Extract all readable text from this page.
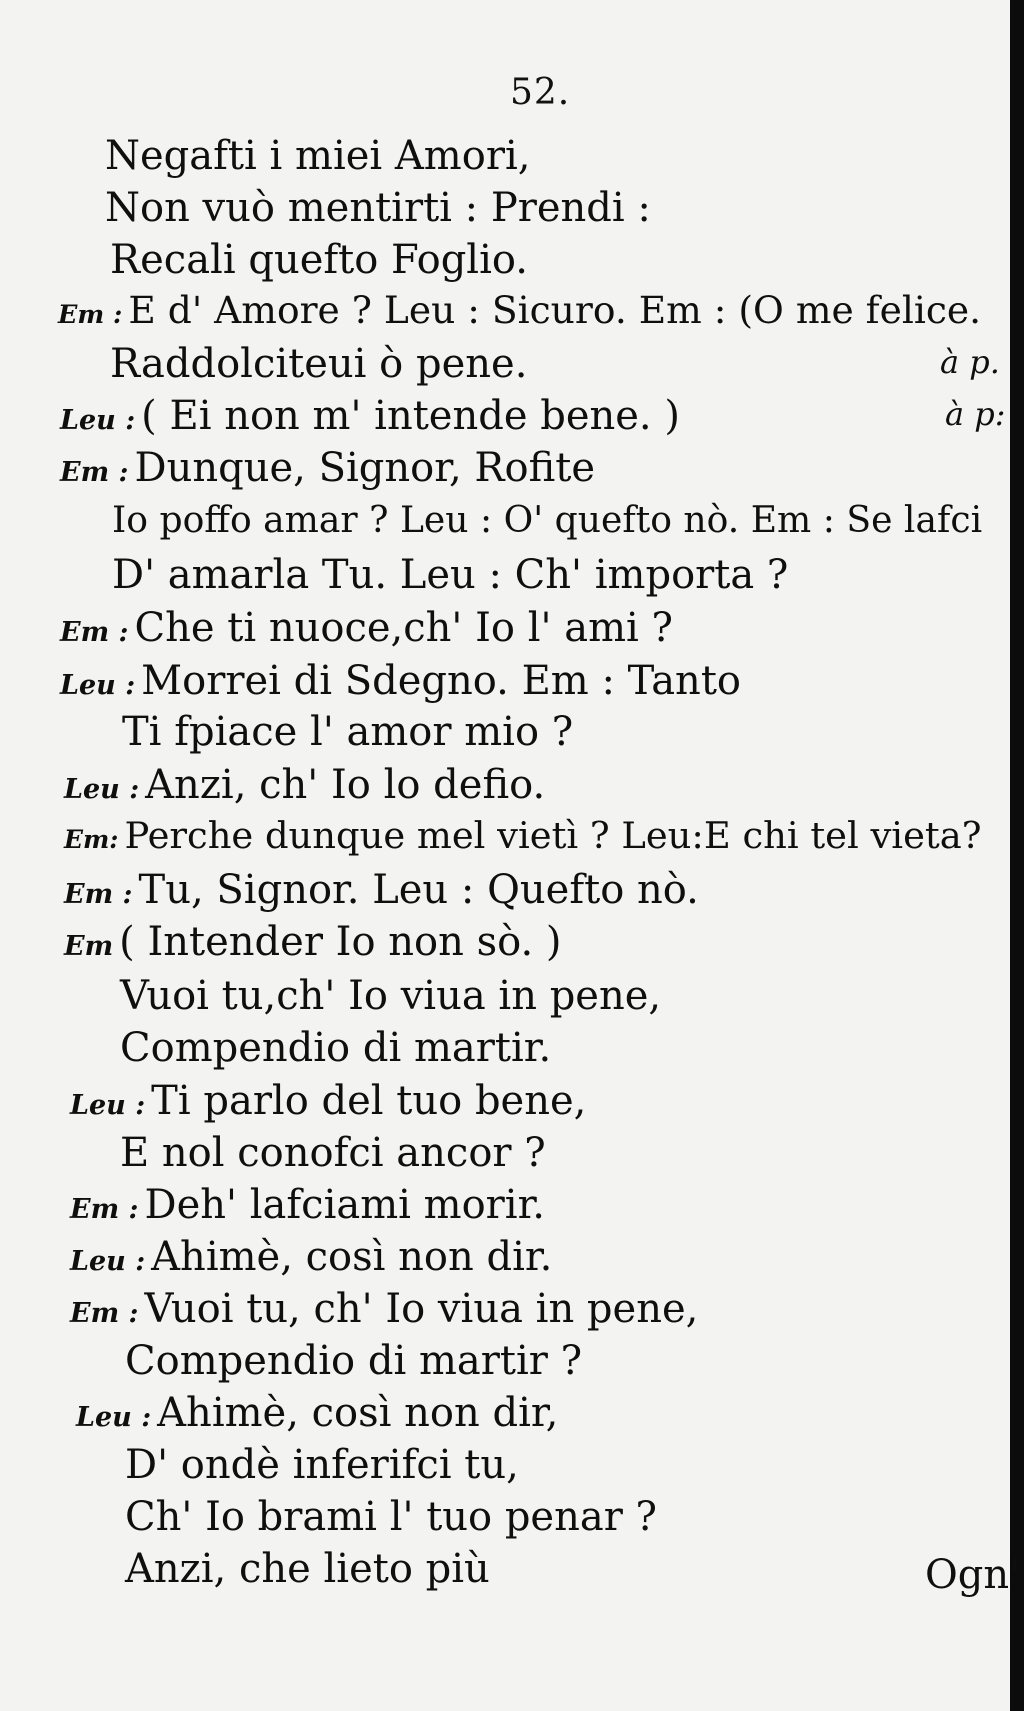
52.
Negafti i miei Amori,
Non vuò mentirti : Prendi :
Recali quefto Foglio.
Em : E d' Amore ? Leu : Sicuro. Em : (O me felice.
Raddolciteui ò pene.	à p.
Leu : ( Ei non m' intende bene. )	à p:
Em : Dunque, Signor, Rofite
Io poffo amar ? Leu : O' quefto nò. Em : Se lafci
D' amarla Tu. Leu : Ch' importa ?
Em : Che ti nuoce,ch' Io l' ami ?
Leu : Morrei di Sdegno. Em : Tanto
Ti fpiace l' amor mio ?
Leu : Anzi, ch' Io lo defio.
Em: Perche dunque mel vietì ? Leu:E chi tel vieta?
Em : Tu, Signor. Leu : Quefto nò.
Em ( Intender Io non sò. )
Vuoi tu,ch' Io viua in pene,
Compendio di martir.
Leu : Ti parlo del tuo bene,
E nol conofci ancor ?
Em : Deh' lafciami morir.
Leu : Ahimè, così non dir.
Em : Vuoi tu, ch' Io viua in pene,
Compendio di martir ?
Leu : Ahimè, così non dir,
D' ondè inferifci tu,
Ch' Io brami l' tuo penar ?
Anzi, che lieto più	Ogn'
